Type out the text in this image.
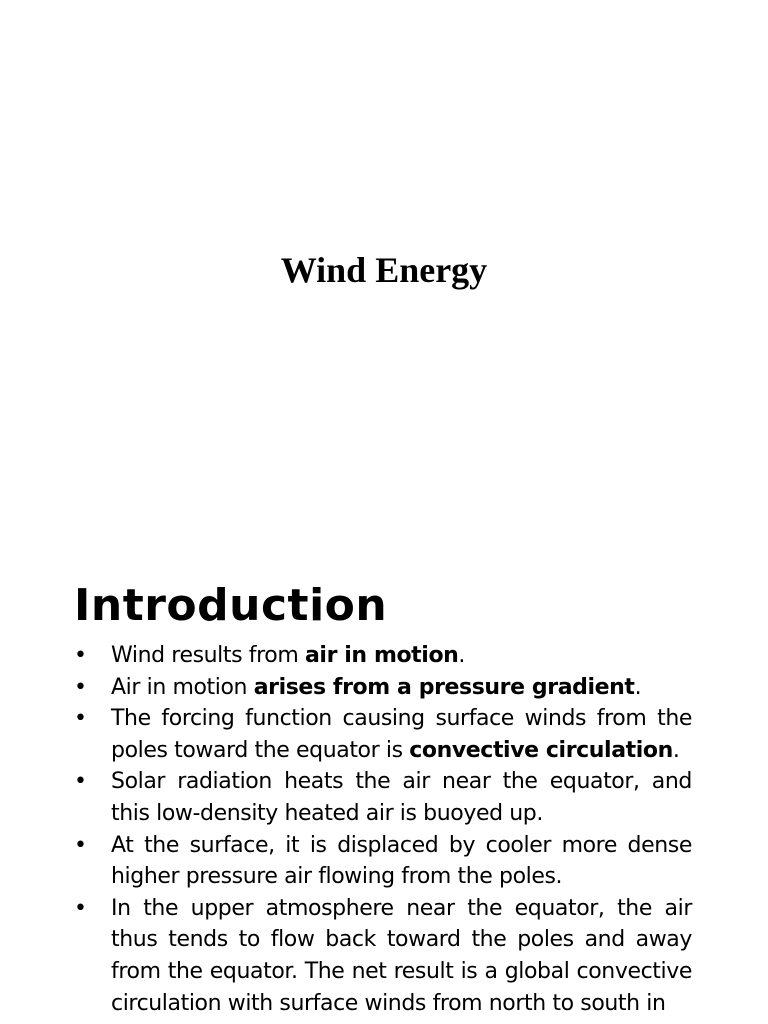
Wind Energy
Introduction
• Wind results from air in motion.
• Air in motion arises from a pressure gradient.
• The forcing function causing surface winds from the poles toward the equator is convective circulation.
• Solar radiation heats the air near the equator, and this low-density heated air is buoyed up.
• At the surface, it is displaced by cooler more dense higher pressure air flowing from the poles.
• In the upper atmosphere near the equator, the air thus tends to flow back toward the poles and away from the equator. The net result is a global convective circulation with surface winds from north to south in
